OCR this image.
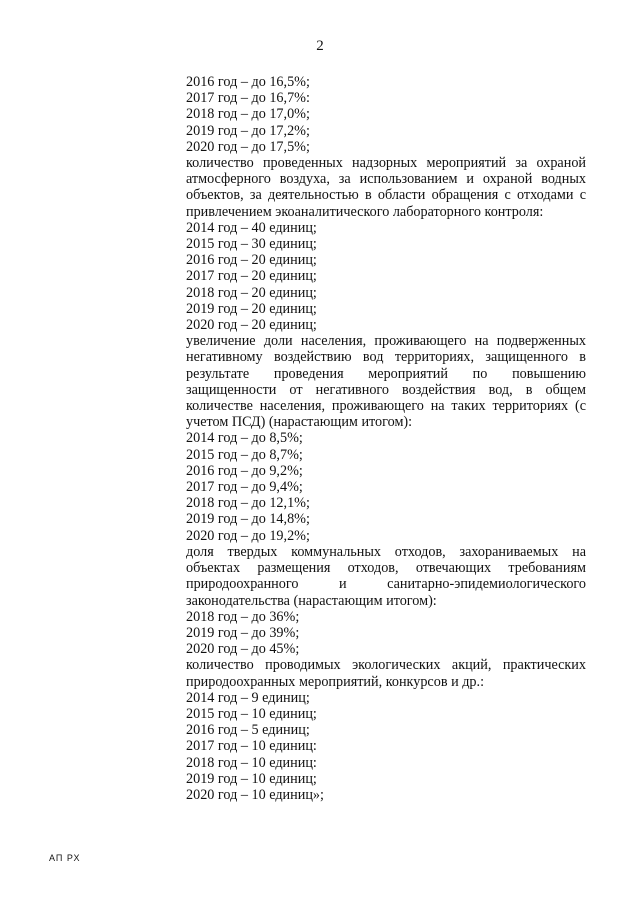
2
2016 год – до 16,5%;
2017 год – до 16,7%:
2018 год – до 17,0%;
2019 год – до 17,2%;
2020 год – до 17,5%;
количество проведенных надзорных мероприятий за охраной атмосферного воздуха, за использованием и охраной водных объектов, за деятельностью в области обращения с отходами с привлечением экоаналитического лабораторного контроля:
2014 год – 40 единиц;
2015 год – 30 единиц;
2016 год – 20 единиц;
2017 год – 20 единиц;
2018 год – 20 единиц;
2019 год – 20 единиц;
2020 год – 20 единиц;
увеличение доли населения, проживающего на подверженных негативному воздействию вод территориях, защищенного в результате проведения мероприятий по повышению защищенности от негативного воздействия вод, в общем количестве населения, проживающего на таких территориях (с учетом ПСД) (нарастающим итогом):
2014 год – до 8,5%;
2015 год – до 8,7%;
2016 год – до 9,2%;
2017 год – до 9,4%;
2018 год – до 12,1%;
2019 год – до 14,8%;
2020 год – до 19,2%;
доля твердых коммунальных отходов, захораниваемых на объектах размещения отходов, отвечающих требованиям природоохранного и санитарно-эпидемиологического законодательства (нарастающим итогом):
2018 год – до 36%;
2019 год – до 39%;
2020 год – до 45%;
количество проводимых экологических акций, практических природоохранных мероприятий, конкурсов и др.:
2014 год – 9 единиц;
2015 год – 10 единиц;
2016 год – 5 единиц;
2017 год – 10 единиц:
2018 год – 10 единиц:
2019 год – 10 единиц;
2020 год – 10 единиц»;
АП РХ
